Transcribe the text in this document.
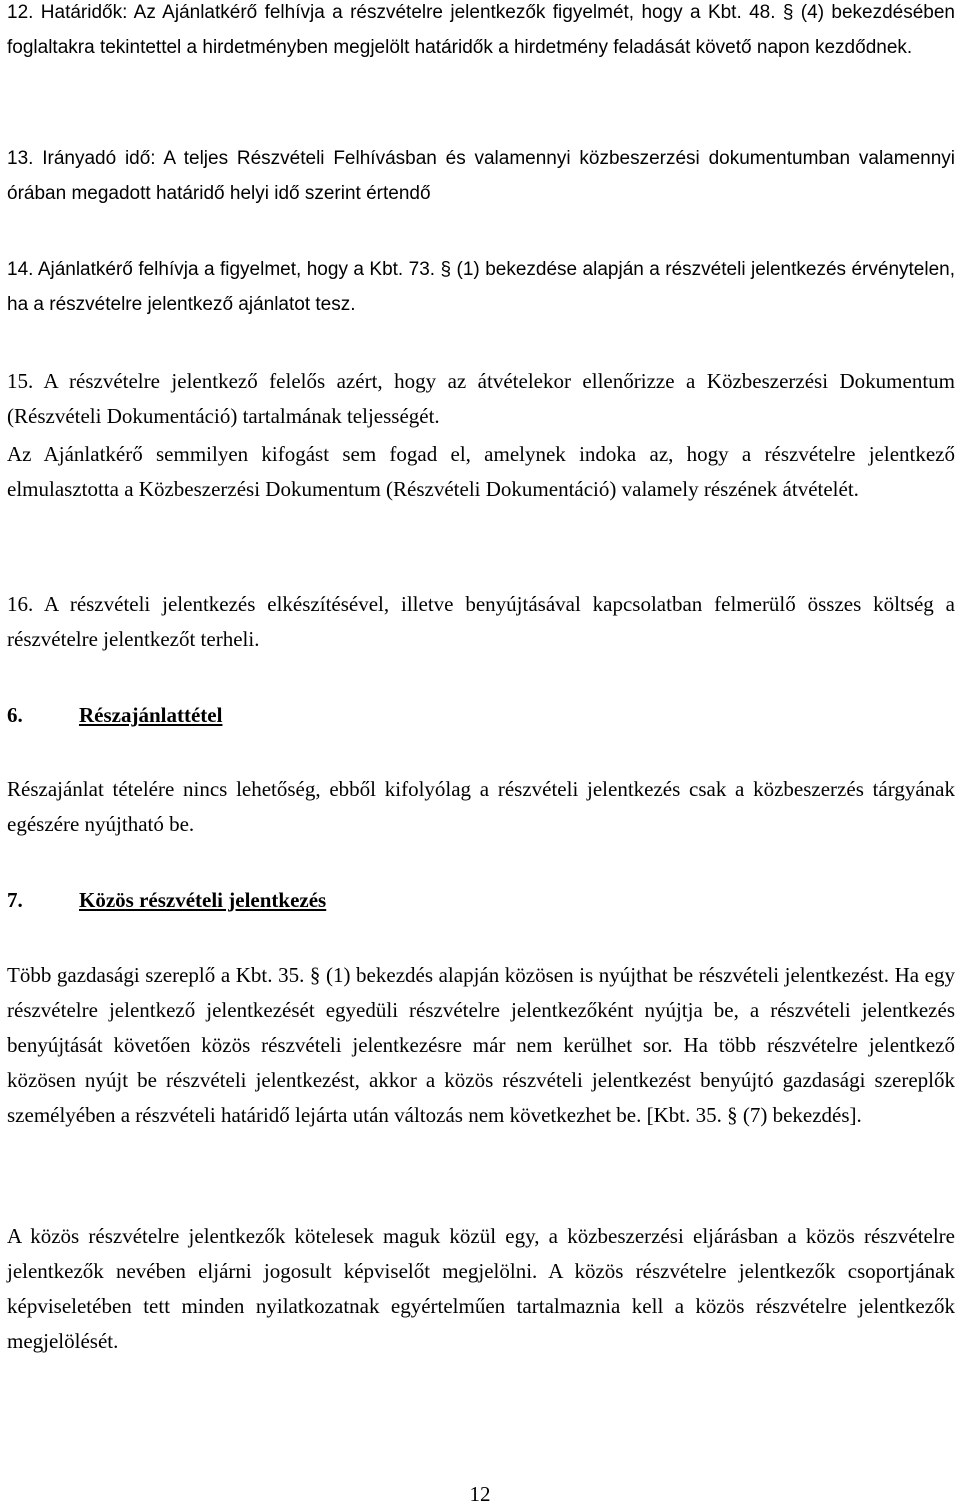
12. Határidők: Az Ajánlatkérő felhívja a részvételre jelentkezők figyelmét, hogy a Kbt. 48. § (4) bekezdésében foglaltakra tekintettel a hirdetményben megjelölt határidők a hirdetmény feladását követő napon kezdődnek.

13. Irányadó idő: A teljes Részvételi Felhívásban és valamennyi közbeszerzési dokumentumban valamennyi órában megadott határidő helyi idő szerint értendő

14. Ajánlatkérő felhívja a figyelmet, hogy a Kbt. 73. § (1) bekezdése alapján a részvételi jelentkezés érvénytelen, ha a részvételre jelentkező ajánlatot tesz.

15. A részvételre jelentkező felelős azért, hogy az átvételekor ellenőrizze a Közbeszerzési Dokumentum (Részvételi Dokumentáció) tartalmának teljességét.

Az Ajánlatkérő semmilyen kifogást sem fogad el, amelynek indoka az, hogy a részvételre jelentkező elmulasztotta a Közbeszerzési Dokumentum (Részvételi Dokumentáció) valamely részének átvételét.

16. A részvételi jelentkezés elkészítésével, illetve benyújtásával kapcsolatban felmerülő összes költség a részvételre jelentkezőt terheli.

6.	Részajánlattétel

Részajánlat tételére nincs lehetőség, ebből kifolyólag a részvételi jelentkezés csak a közbeszerzés tárgyának egészére nyújtható be.

7.	Közös részvételi jelentkezés

Több gazdasági szereplő a Kbt. 35. § (1) bekezdés alapján közösen is nyújthat be részvételi jelentkezést. Ha egy részvételre jelentkező jelentkezését egyedüli részvételre jelentkezőként nyújtja be, a részvételi jelentkezés benyújtását követően közös részvételi jelentkezésre már nem kerülhet sor. Ha több részvételre jelentkező közösen nyújt be részvételi jelentkezést, akkor a közös részvételi jelentkezést benyújtó gazdasági szereplők személyében a részvételi határidő lejárta után változás nem következhet be. [Kbt. 35. § (7) bekezdés].

A közös részvételre jelentkezők kötelesek maguk közül egy, a közbeszerzési eljárásban a közös részvételre jelentkezők nevében eljárni jogosult képviselőt megjelölni. A közös részvételre jelentkezők csoportjának képviseletében tett minden nyilatkozatnak egyértelműen tartalmaznia kell a közös részvételre jelentkezők megjelölését.

12
